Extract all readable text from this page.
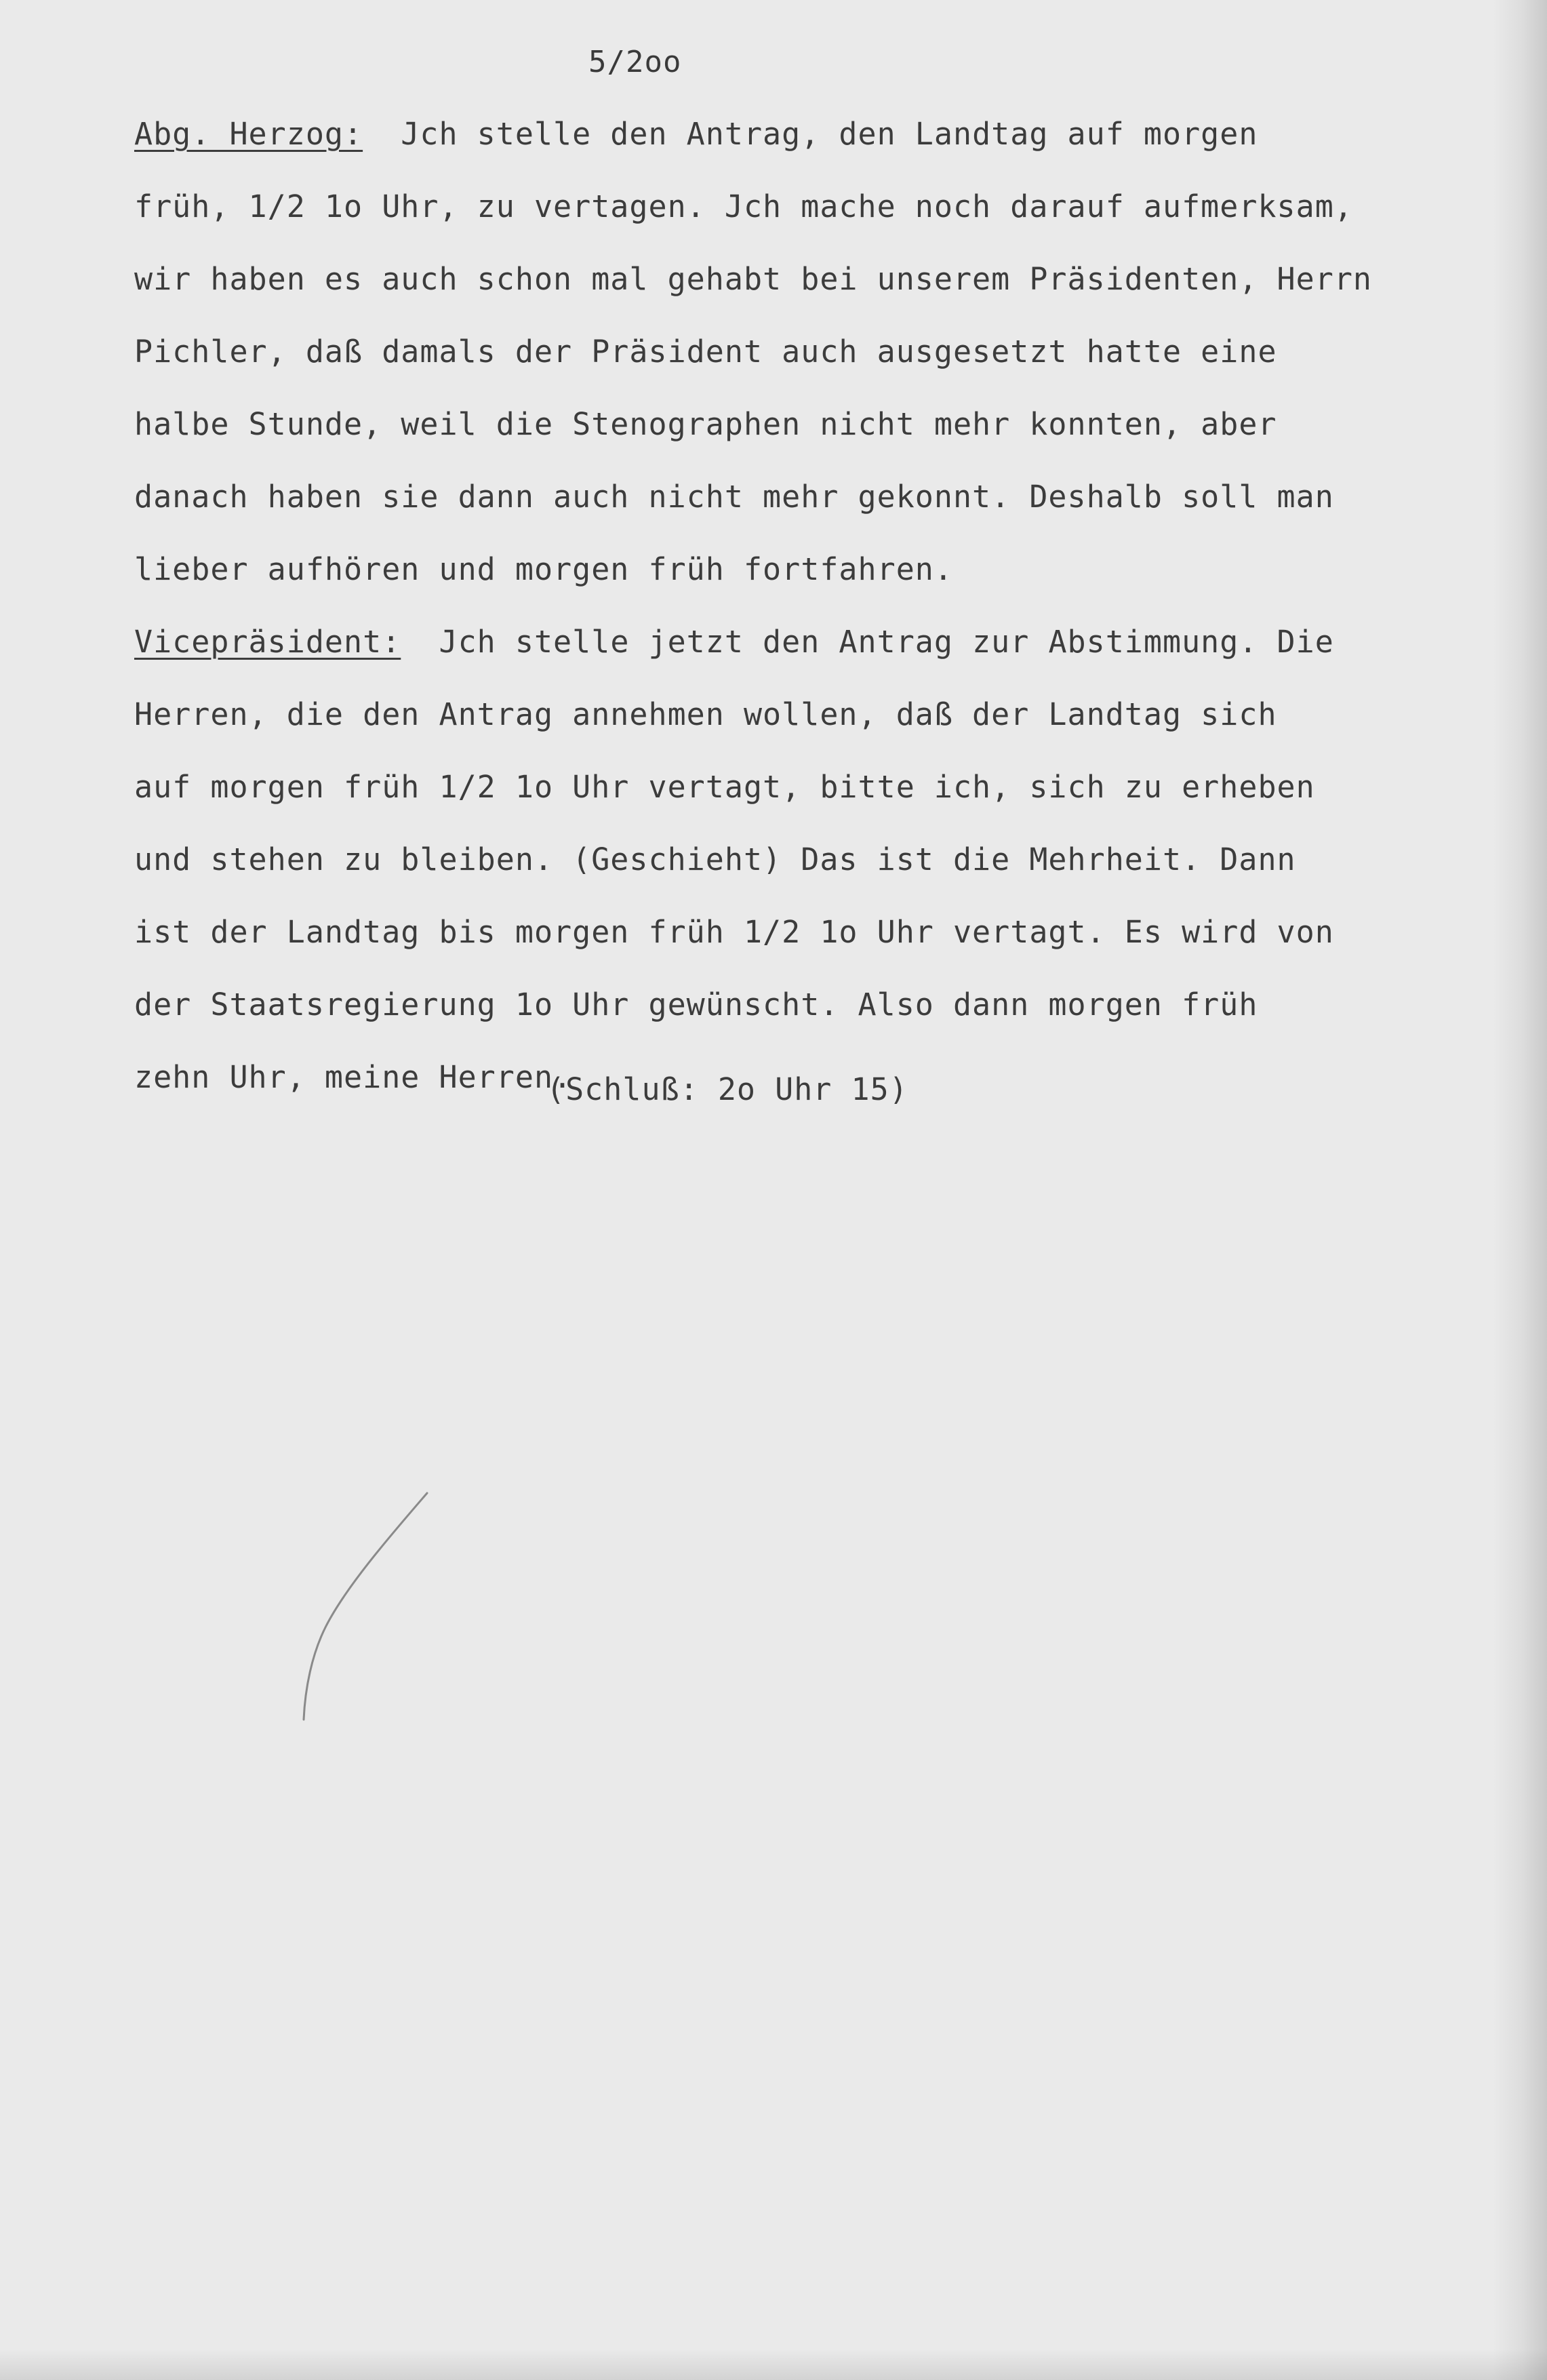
5/2oo
Abg. Herzog: Jch stelle den Antrag, den Landtag auf morgen
früh, 1/2 1o Uhr, zu vertagen. Jch mache noch darauf aufmerksam,
wir haben es auch schon mal gehabt bei unserem Präsidenten, Herrn
Pichler, daß damals der Präsident auch ausgesetzt hatte eine
halbe Stunde, weil die Stenographen nicht mehr konnten, aber
danach haben sie dann auch nicht mehr gekonnt. Deshalb soll man
lieber aufhören und morgen früh fortfahren.
Vicepräsident: Jch stelle jetzt den Antrag zur Abstimmung. Die
Herren, die den Antrag annehmen wollen, daß der Landtag sich
auf morgen früh 1/2 1o Uhr vertagt, bitte ich, sich zu erheben
und stehen zu bleiben. (Geschieht) Das ist die Mehrheit. Dann
ist der Landtag bis morgen früh 1/2 1o Uhr vertagt. Es wird von
der Staatsregierung 1o Uhr gewünscht. Also dann morgen früh
zehn Uhr, meine Herren.
(Schluß: 2o Uhr 15)
